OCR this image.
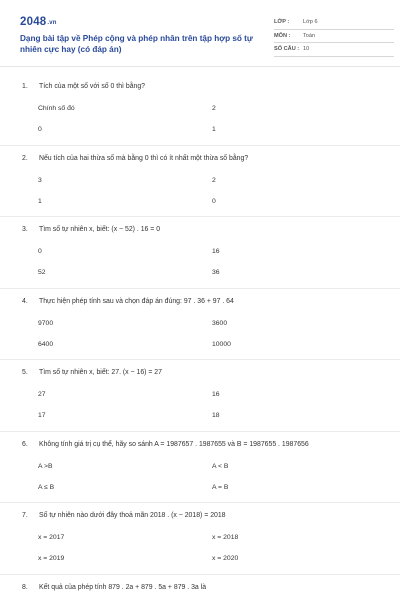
2048.vn
Dạng bài tập về Phép cộng và phép nhân trên tập hợp số tự nhiên cực hay (có đáp án)
LỚP : Lớp 6
MÔN : Toán
SỐ CÂU : 10
1. Tích của một số với số 0 thì bằng?
Chính số đó	2
0	1
2. Nếu tích của hai thừa số mà bằng 0 thì có ít nhất một thừa số bằng?
3	2
1	0
3. Tìm số tự nhiên x, biết: (x − 52) . 16 = 0
0	16
52	36
4. Thực hiện phép tính sau và chọn đáp án đúng: 97 . 36 + 97 . 64
9700	3600
6400	10000
5. Tìm số tự nhiên x, biết: 27. (x − 16) = 27
27	16
17	18
6. Không tính giá trị cụ thể, hãy so sánh A = 1987657 . 1987655 và B = 1987655 . 1987656
A >B	A < B
A ≤ B	A = B
7. Số tự nhiên nào dưới đây thoả mãn 2018 . (x − 2018) = 2018
x = 2017	x = 2018
x = 2019	x = 2020
8. Kết quả của phép tính 879 . 2a + 879 . 5a + 879 . 3a là
